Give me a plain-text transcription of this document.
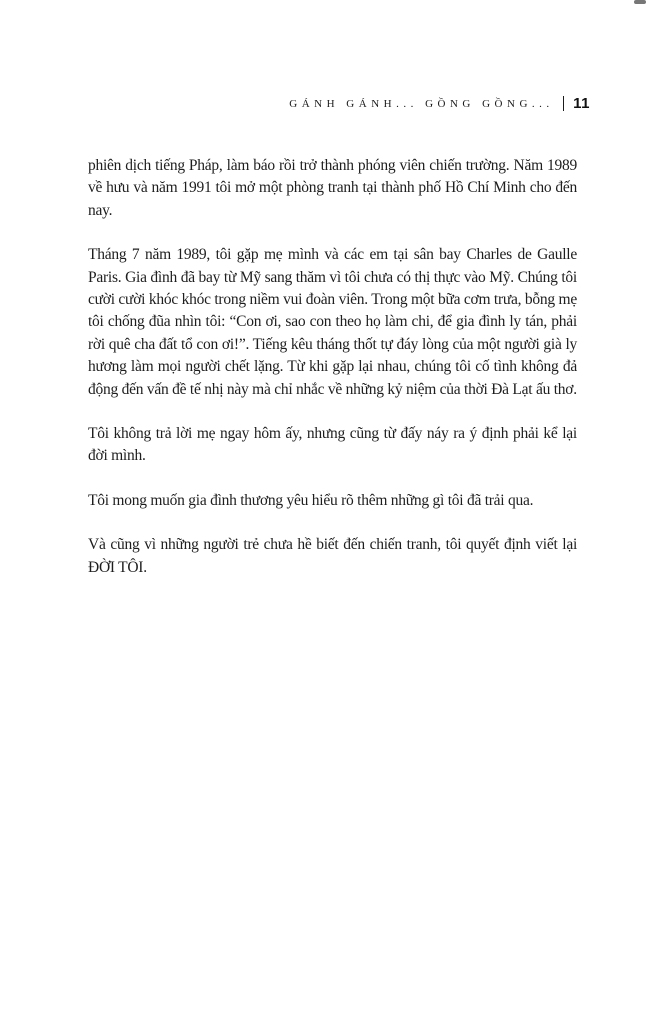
GÁNH GÁNH... GỒNG GỒNG... 11

phiên dịch tiếng Pháp, làm báo rồi trở thành phóng viên chiến trường. Năm 1989 về hưu và năm 1991 tôi mở một phòng tranh tại thành phố Hồ Chí Minh cho đến nay.

Tháng 7 năm 1989, tôi gặp mẹ mình và các em tại sân bay Charles de Gaulle Paris. Gia đình đã bay từ Mỹ sang thăm vì tôi chưa có thị thực vào Mỹ. Chúng tôi cười cười khóc khóc trong niềm vui đoàn viên. Trong một bữa cơm trưa, bỗng mẹ tôi chống đũa nhìn tôi: “Con ơi, sao con theo họ làm chi, để gia đình ly tán, phải rời quê cha đất tổ con ơi!”. Tiếng kêu tháng thốt tự đáy lòng của một người già ly hương làm mọi người chết lặng. Từ khi gặp lại nhau, chúng tôi cố tình không đả động đến vấn đề tế nhị này mà chỉ nhắc về những kỷ niệm của thời Đà Lạt ấu thơ.

Tôi không trả lời mẹ ngay hôm ấy, nhưng cũng từ đấy náy ra ý định phải kể lại đời mình.

Tôi mong muốn gia đình thương yêu hiểu rõ thêm những gì tôi đã trải qua.

Và cũng vì những người trẻ chưa hề biết đến chiến tranh, tôi quyết định viết lại ĐỜI TÔI.
